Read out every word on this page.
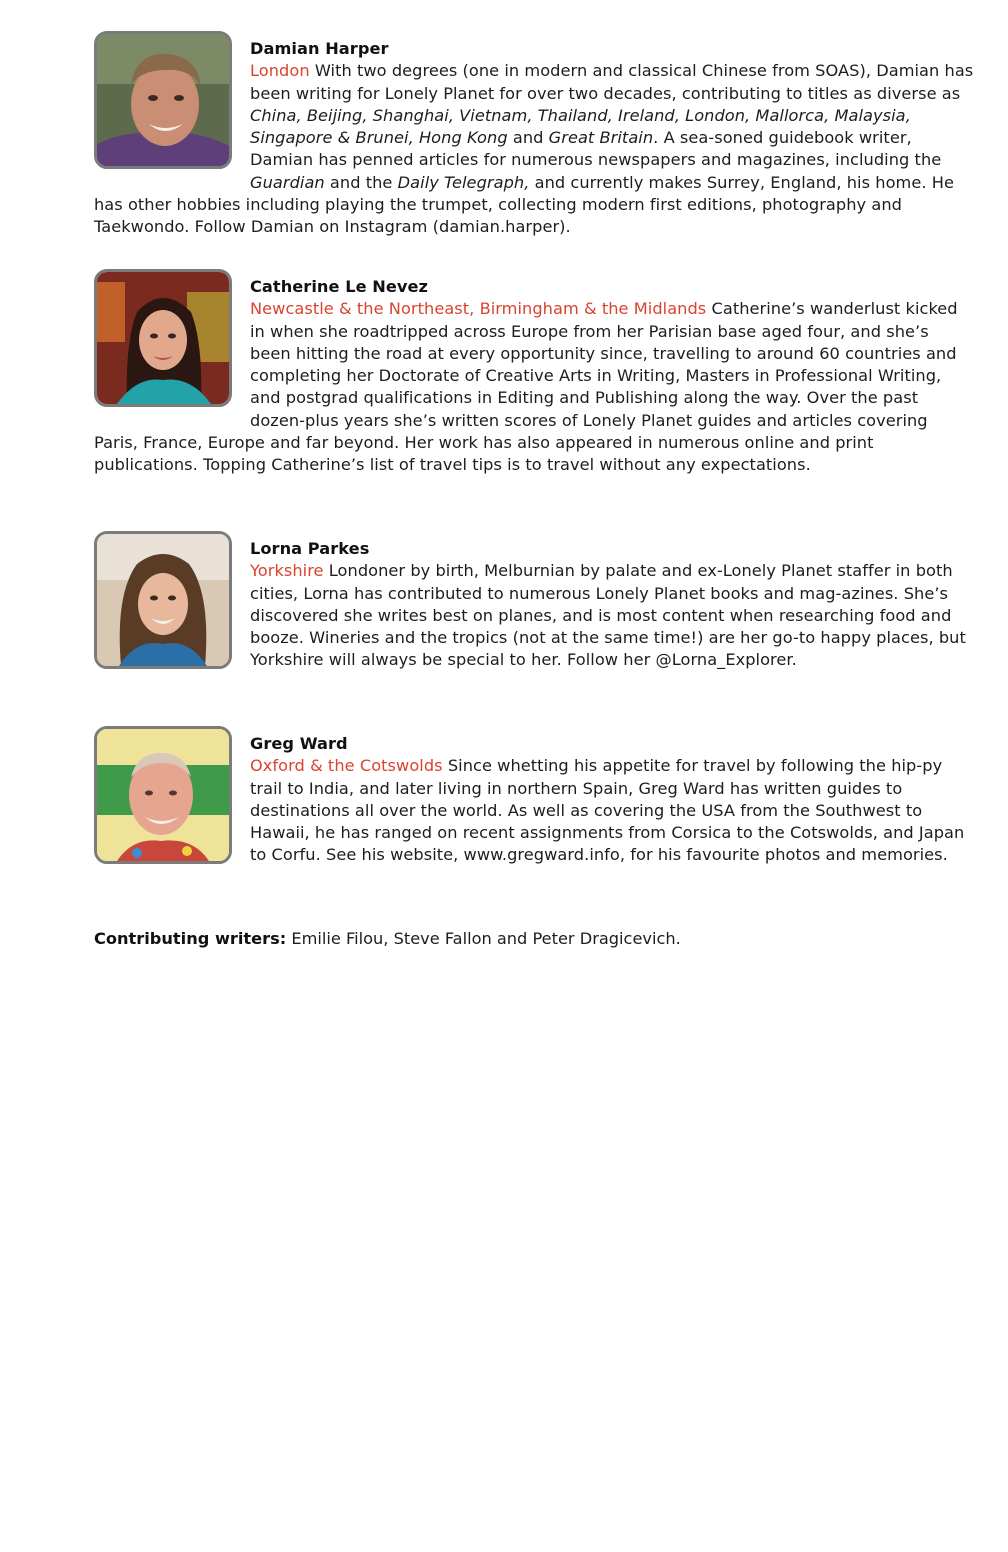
Damian Harper

London With two degrees (one in modern and classical Chinese from SOAS), Damian has been writing for Lonely Planet for over two decades, contributing to titles as diverse as China, Beijing, Shanghai, Vietnam, Thailand, Ireland, London, Mallorca, Malaysia, Singapore & Brunei, Hong Kong and Great Britain. A sea-soned guidebook writer, Damian has penned articles for numerous newspapers and magazines, including the Guardian and the Daily Telegraph, and currently makes Surrey, England, his home. He has other hobbies including playing the trumpet, collecting modern first editions, photography and Taekwondo. Follow Damian on Instagram (damian.harper).

Catherine Le Nevez

Newcastle & the Northeast, Birmingham & the Midlands Catherine’s wanderlust kicked in when she roadtripped across Europe from her Parisian base aged four, and she’s been hitting the road at every opportunity since, travelling to around 60 countries and completing her Doctorate of Creative Arts in Writing, Masters in Professional Writing, and postgrad qualifications in Editing and Publishing along the way. Over the past dozen-plus years she’s written scores of Lonely Planet guides and articles covering Paris, France, Europe and far beyond. Her work has also appeared in numerous online and print publications. Topping Catherine’s list of travel tips is to travel without any expectations.

Lorna Parkes

Yorkshire Londoner by birth, Melburnian by palate and ex-Lonely Planet staffer in both cities, Lorna has contributed to numerous Lonely Planet books and mag-azines. She’s discovered she writes best on planes, and is most content when researching food and booze. Wineries and the tropics (not at the same time!) are her go-to happy places, but Yorkshire will always be special to her. Follow her @Lorna_Explorer.

Greg Ward

Oxford & the Cotswolds Since whetting his appetite for travel by following the hip-py trail to India, and later living in northern Spain, Greg Ward has written guides to destinations all over the world. As well as covering the USA from the Southwest to Hawaii, he has ranged on recent assignments from Corsica to the Cotswolds, and Japan to Corfu. See his website, www.gregward.info, for his favourite photos and memories.

Contributing writers: Emilie Filou, Steve Fallon and Peter Dragicevich.
